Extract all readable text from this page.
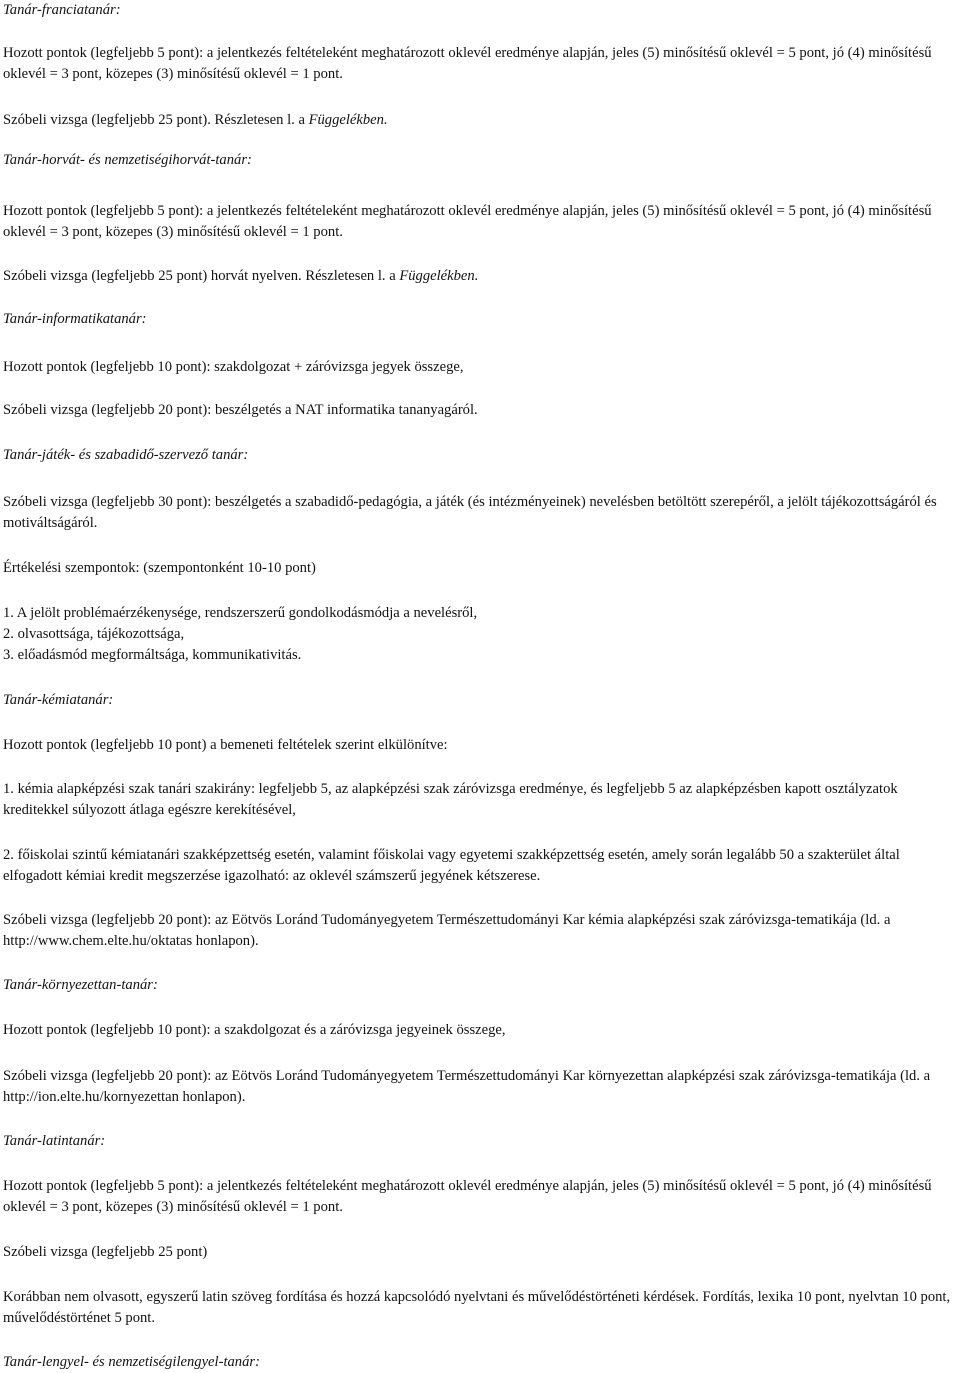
Tanár-franciatanár:

Hozott pontok (legfeljebb 5 pont): a jelentkezés feltételeként meghatározott oklevél eredménye alapján, jeles (5) minősítésű oklevél = 5 pont, jó (4) minősítésű oklevél = 3 pont, közepes (3) minősítésű oklevél = 1 pont.

Szóbeli vizsga (legfeljebb 25 pont). Részletesen l. a Függelékben.

Tanár-horvát- és nemzetiségihorvát-tanár:

Hozott pontok (legfeljebb 5 pont): a jelentkezés feltételeként meghatározott oklevél eredménye alapján, jeles (5) minősítésű oklevél = 5 pont, jó (4) minősítésű oklevél = 3 pont, közepes (3) minősítésű oklevél = 1 pont.

Szóbeli vizsga (legfeljebb 25 pont) horvát nyelven. Részletesen l. a Függelékben.

Tanár-informatikatanár:

Hozott pontok (legfeljebb 10 pont): szakdolgozat + záróvizsga jegyek összege,

Szóbeli vizsga (legfeljebb 20 pont): beszélgetés a NAT informatika tananyagáról.

Tanár-játék- és szabadidő-szervező tanár:

Szóbeli vizsga (legfeljebb 30 pont): beszélgetés a szabadidő-pedagógia, a játék (és intézményeinek) nevelésben betöltött szerepéről, a jelölt tájékozottságáról és motiváltságáról.

Értékelési szempontok: (szempontonként 10-10 pont)

1. A jelölt problémaérzékenysége, rendszerszerű gondolkodásmódja a nevelésről,

2. olvasottsága, tájékozottsága,

3. előadásmód megformáltsága, kommunikativitás.

Tanár-kémiatanár:

Hozott pontok (legfeljebb 10 pont) a bemeneti feltételek szerint elkülönítve:

1. kémia alapképzési szak tanári szakirány: legfeljebb 5, az alapképzési szak záróvizsga eredménye, és legfeljebb 5 az alapképzésben kapott osztályzatok kreditekkel súlyozott átlaga egészre kerekítésével,

2. főiskolai szintű kémiatanári szakképzettség esetén, valamint főiskolai vagy egyetemi szakképzettség esetén, amely során legalább 50 a szakterület által elfogadott kémiai kredit megszerzése igazolható: az oklevél számszerű jegyének kétszerese.

Szóbeli vizsga (legfeljebb 20 pont): az Eötvös Loránd Tudományegyetem Természettudományi Kar kémia alapképzési szak záróvizsga-tematikája (ld. a http://www.chem.elte.hu/oktatas honlapon).

Tanár-környezettan-tanár:

Hozott pontok (legfeljebb 10 pont): a szakdolgozat és a záróvizsga jegyeinek összege,

Szóbeli vizsga (legfeljebb 20 pont): az Eötvös Loránd Tudományegyetem Természettudományi Kar környezettan alapképzési szak záróvizsga-tematikája (ld. a http://ion.elte.hu/kornyezettan honlapon).

Tanár-latintanár:

Hozott pontok (legfeljebb 5 pont): a jelentkezés feltételeként meghatározott oklevél eredménye alapján, jeles (5) minősítésű oklevél = 5 pont, jó (4) minősítésű oklevél = 3 pont, közepes (3) minősítésű oklevél = 1 pont.

Szóbeli vizsga (legfeljebb 25 pont)

Korábban nem olvasott, egyszerű latin szöveg fordítása és hozzá kapcsolódó nyelvtani és művelődéstörténeti kérdések. Fordítás, lexika 10 pont, nyelvtan 10 pont, művelődéstörténet 5 pont.

Tanár-lengyel- és nemzetiségilengyel-tanár:
